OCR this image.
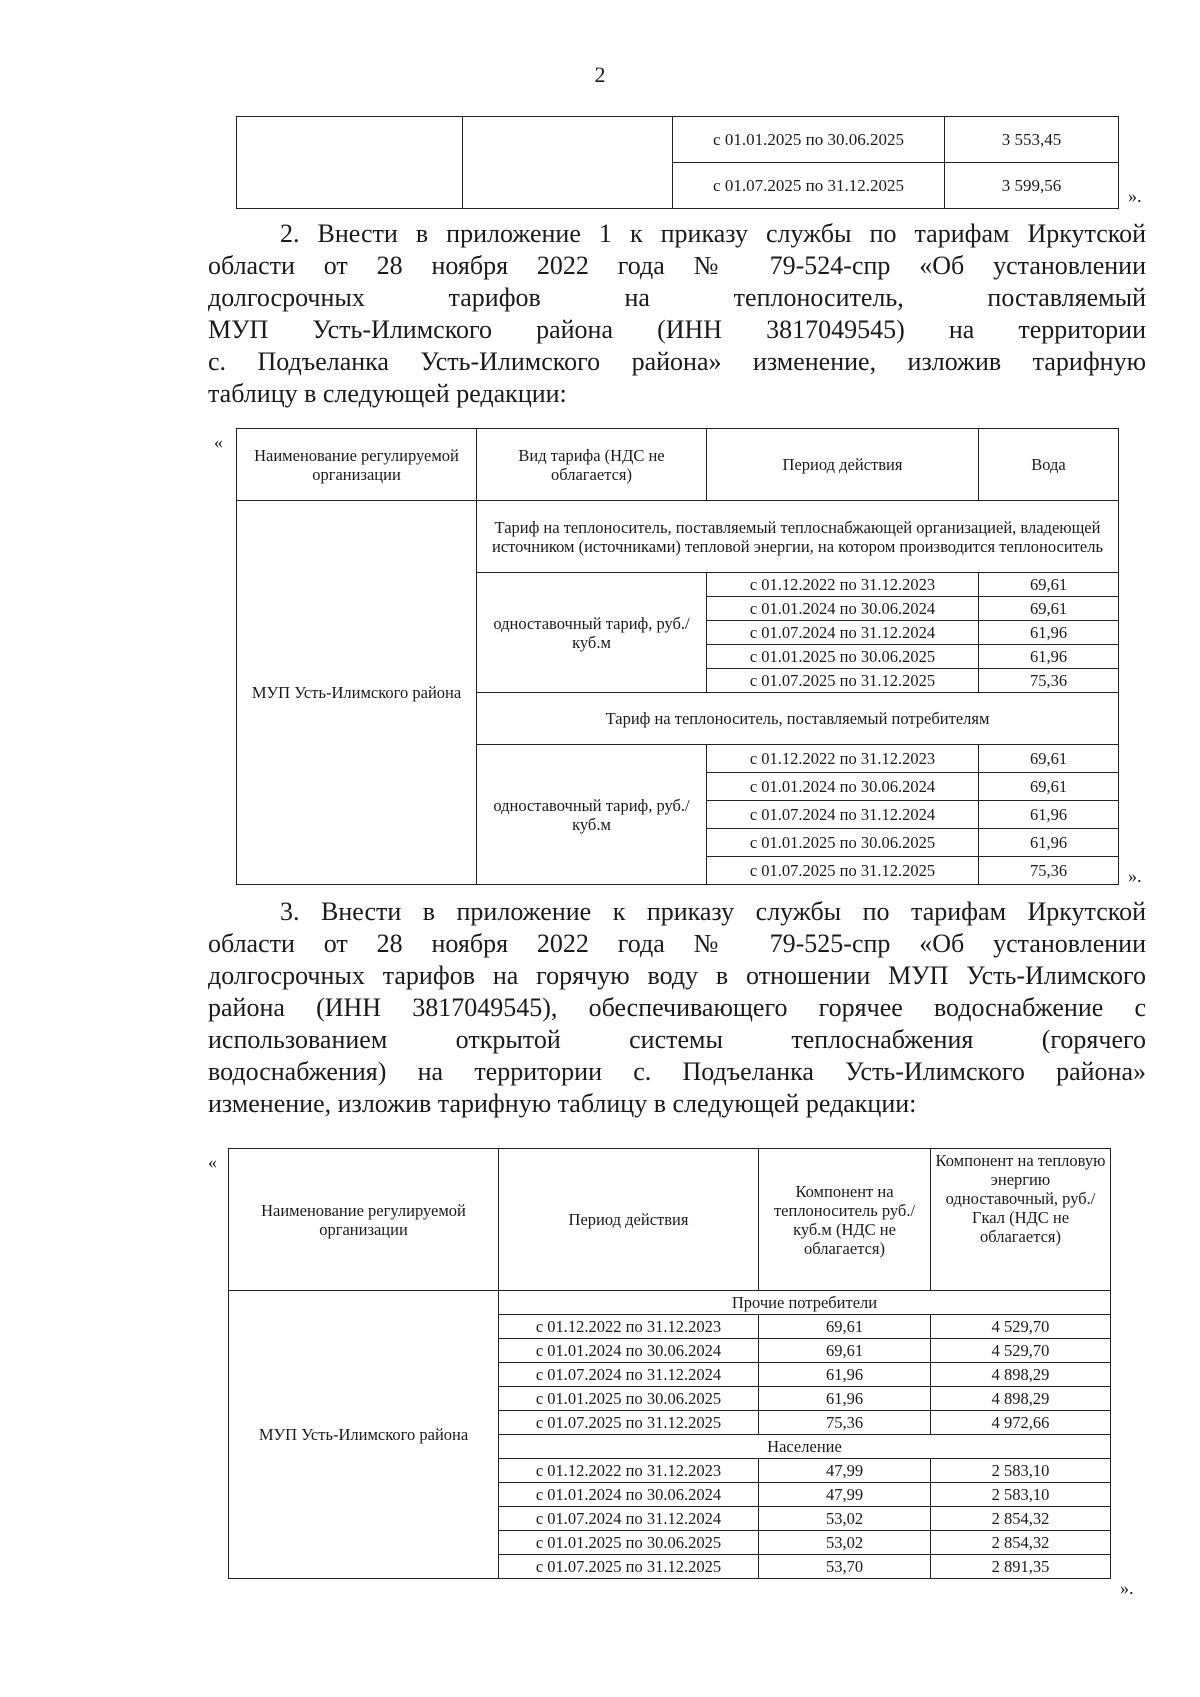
2
		с 01.01.2025 по 30.06.2025	3 553,45
		с 01.07.2025 по 31.12.2025	3 599,56
».
2. Внести в приложение 1 к приказу службы по тарифам Иркутской
области от 28 ноября 2022 года № 79-524-спр «Об установлении
долгосрочных тарифов на теплоноситель, поставляемый
МУП Усть-Илимского района (ИНН 3817049545) на территории
с. Подъеланка Усть-Илимского района» изменение, изложив тарифную
таблицу в следующей редакции:
«
Наименование регулируемой организации	Вид тарифа (НДС не облагается)	Период действия	Вода
МУП Усть-Илимского района	Тариф на теплоноситель, поставляемый теплоснабжающей организацией, владеющей источником (источниками) тепловой энергии, на котором производится теплоноситель		
	одноставочный тариф, руб./куб.м	с 01.12.2022 по 31.12.2023	69,61
		с 01.01.2024 по 30.06.2024	69,61
		с 01.07.2024 по 31.12.2024	61,96
		с 01.01.2025 по 30.06.2025	61,96
		с 01.07.2025 по 31.12.2025	75,36
	Тариф на теплоноситель, поставляемый потребителям		
	одноставочный тариф, руб./куб.м	с 01.12.2022 по 31.12.2023	69,61
		с 01.01.2024 по 30.06.2024	69,61
		с 01.07.2024 по 31.12.2024	61,96
		с 01.01.2025 по 30.06.2025	61,96
		с 01.07.2025 по 31.12.2025	75,36	».
3. Внести в приложение к приказу службы по тарифам Иркутской
области от 28 ноября 2022 года № 79-525-спр «Об установлении
долгосрочных тарифов на горячую воду в отношении МУП Усть-Илимского
района (ИНН 3817049545), обеспечивающего горячее водоснабжение с
использованием открытой системы теплоснабжения (горячего
водоснабжения) на территории с. Подъеланка Усть-Илимского района»
изменение, изложив тарифную таблицу в следующей редакции:
«
Наименование регулируемой организации	Период действия	Компонент на теплоноситель руб./куб.м (НДС не облагается)	Компонент на тепловую энергию одноставочный, руб./Гкал (НДС не облагается)
МУП Усть-Илимского района	Прочие потребители		
	с 01.12.2022 по 31.12.2023	69,61	4 529,70
	с 01.01.2024 по 30.06.2024	69,61	4 529,70
	с 01.07.2024 по 31.12.2024	61,96	4 898,29
	с 01.01.2025 по 30.06.2025	61,96	4 898,29
	с 01.07.2025 по 31.12.2025	75,36	4 972,66
	Население		
	с 01.12.2022 по 31.12.2023	47,99	2 583,10
	с 01.01.2024 по 30.06.2024	47,99	2 583,10
	с 01.07.2024 по 31.12.2024	53,02	2 854,32
	с 01.01.2025 по 30.06.2025	53,02	2 854,32
	с 01.07.2025 по 31.12.2025	53,70	2 891,35
».
